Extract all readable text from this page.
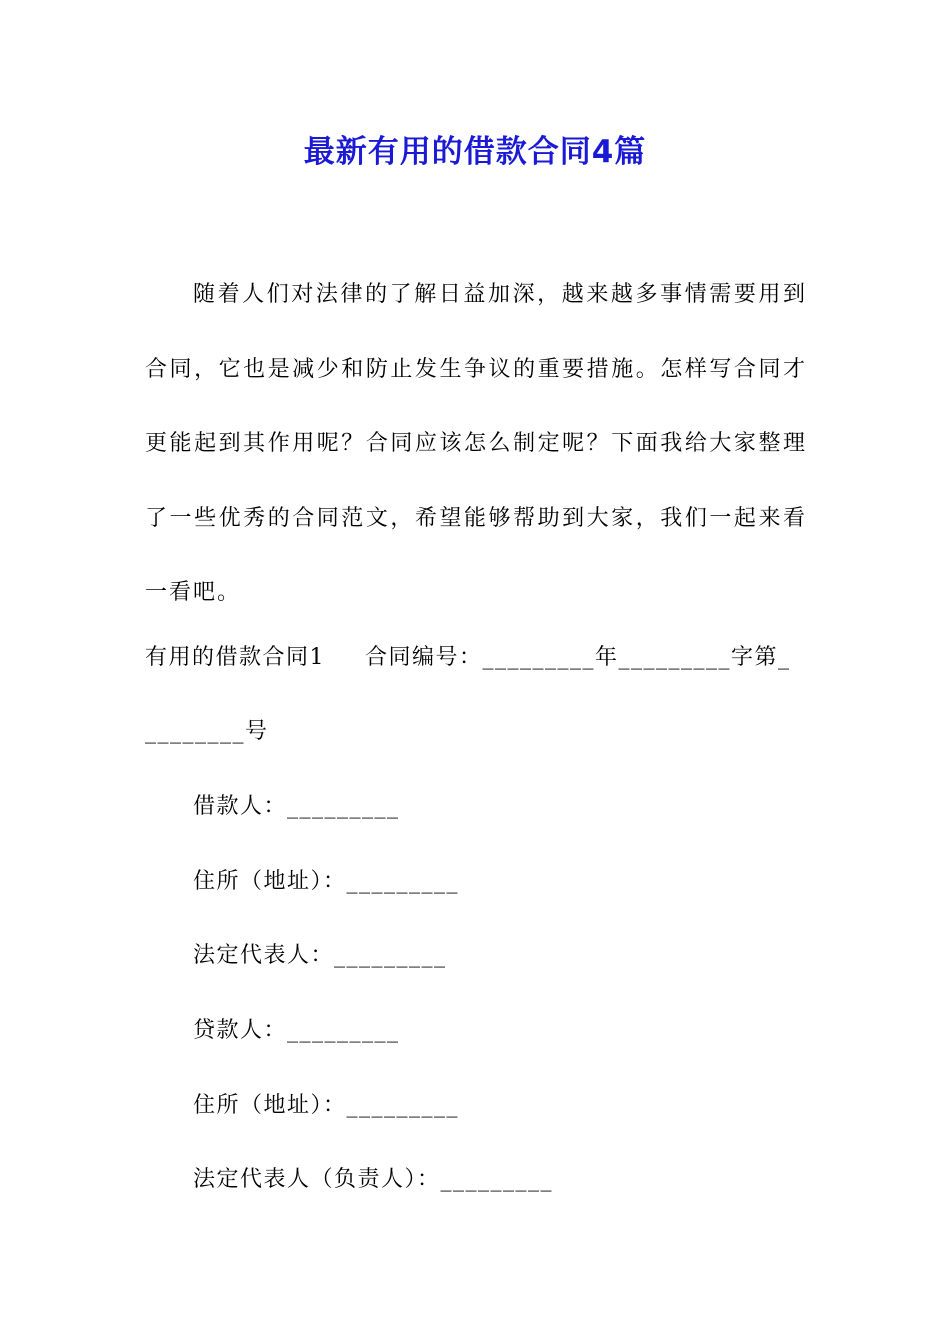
最新有用的借款合同4篇

随着人们对法律的了解日益加深，越来越多事情需要用到合同，它也是减少和防止发生争议的重要措施。怎样写合同才更能起到其作用呢？合同应该怎么制定呢？下面我给大家整理了一些优秀的合同范文，希望能够帮助到大家，我们一起来看一看吧。

有用的借款合同1 合同编号：_________年_________字第_

________号

借款人：_________

住所（地址）：_________

法定代表人：_________

贷款人：_________

住所（地址）：_________

法定代表人（负责人）：_________
